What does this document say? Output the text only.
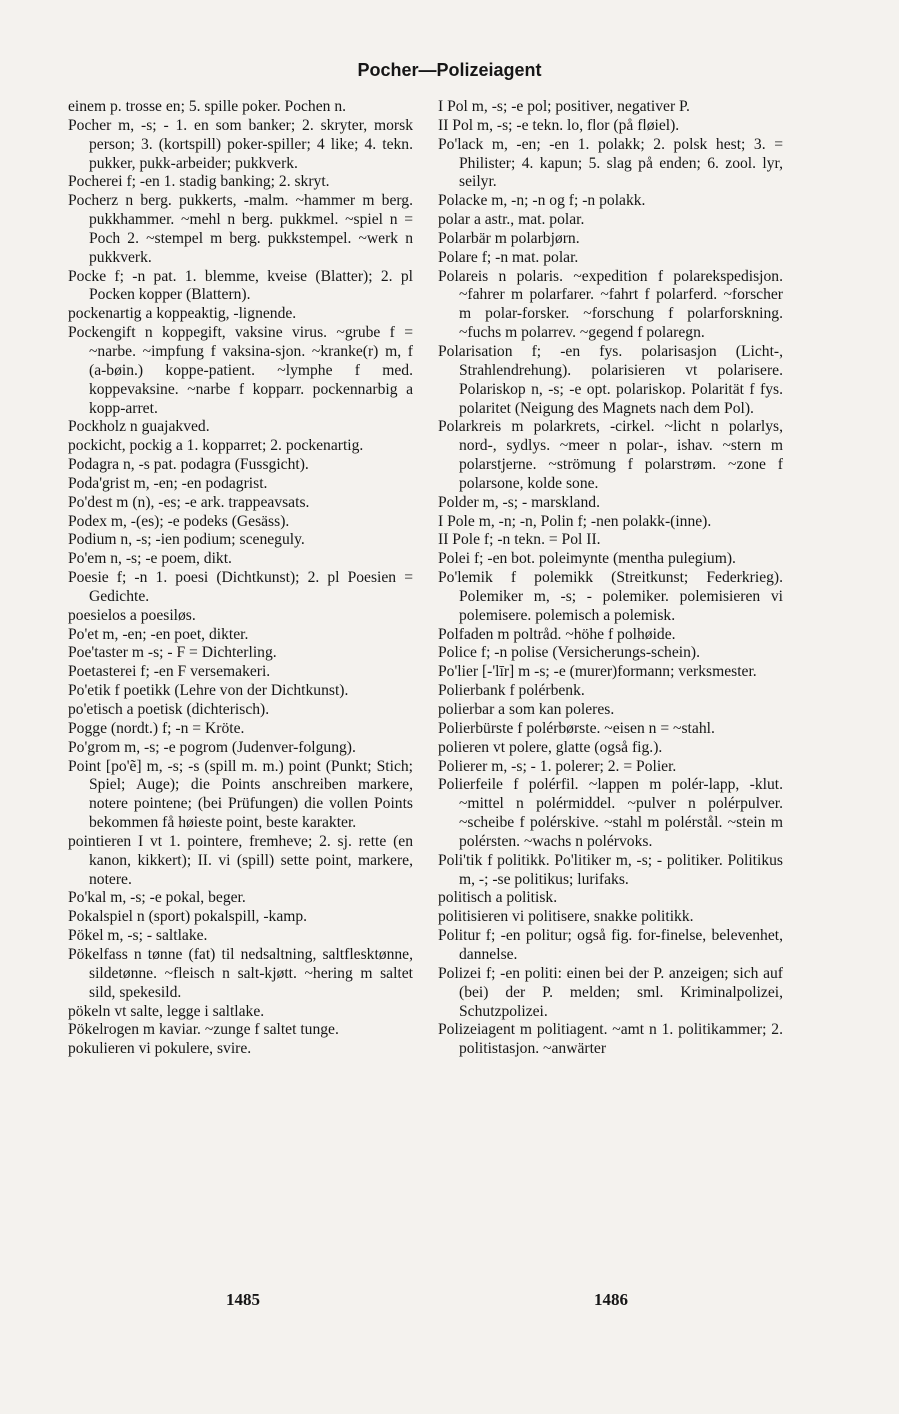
Pocher—Polizeiagent

einem p. trosse en; 5. spille poker. Pochen n.

Pocher m, -s; - 1. en som banker; 2. skryter, morsk person; 3. (kortspill) poker-spiller; 4 like; 4. tekn. pukker, pukk-arbeider; pukkverk.

Pocherei f; -en 1. stadig banking; 2. skryt.

Pocherz n berg. pukkerts, -malm. ~hammer m berg. pukkhammer. ~mehl n berg. pukkmel. ~spiel n = Poch 2. ~stempel m berg. pukkstempel. ~werk n pukkverk.

Pocke f; -n pat. 1. blemme, kveise (Blatter); 2. pl Pocken kopper (Blattern).

pockenartig a koppeaktig, -lignende.

Pockengift n koppegift, vaksine virus. ~grube f = ~narbe. ~impfung f vaksina-sjon. ~kranke(r) m, f (a-bøin.) koppe-patient. ~lymphe f med. koppevaksine. ~narbe f kopparr. pockennarbig a kopp-arret.

Pockholz n guajakved.

pockicht, pockig a 1. kopparret; 2. pockenartig.

Podagra n, -s pat. podagra (Fussgicht).

Poda'grist m, -en; -en podagrist.

Po'dest m (n), -es; -e ark. trappeavsats.

Podex m, -(es); -e podeks (Gesäss).

Podium n, -s; -ien podium; sceneguly.

Po'em n, -s; -e poem, dikt.

Poesie f; -n 1. poesi (Dichtkunst); 2. pl Poesien = Gedichte.

poesielos a poesiløs.

Po'et m, -en; -en poet, dikter.

Poe'taster m -s; - F = Dichterling.

Poetasterei f; -en F versemakeri.

Po'etik f poetikk (Lehre von der Dichtkunst).

po'etisch a poetisk (dichterisch).

Pogge (nordt.) f; -n = Kröte.

Po'grom m, -s; -e pogrom (Judenver-folgung).

Point [po'ẽ] m, -s; -s (spill m. m.) point (Punkt; Stich; Spiel; Auge); die Points anschreiben markere, notere pointene; (bei Prüfungen) die vollen Points bekommen få høieste point, beste karakter.

pointieren I vt 1. pointere, fremheve; 2. sj. rette (en kanon, kikkert); II. vi (spill) sette point, markere, notere.

Po'kal m, -s; -e pokal, beger.

Pokalspiel n (sport) pokalspill, -kamp.

Pökel m, -s; - saltlake.

Pökelfass n tønne (fat) til nedsaltning, saltflesktønne, sildetønne. ~fleisch n salt-kjøtt. ~hering m saltet sild, spekesild.

pökeln vt salte, legge i saltlake.

Pökelrogen m kaviar. ~zunge f saltet tunge.

pokulieren vi pokulere, svire.

I Pol m, -s; -e pol; positiver, negativer P.

II Pol m, -s; -e tekn. lo, flor (på fløiel).

Po'lack m, -en; -en 1. polakk; 2. polsk hest; 3. = Philister; 4. kapun; 5. slag på enden; 6. zool. lyr, seilyr.

Polacke m, -n; -n og f; -n polakk.

polar a astr., mat. polar.

Polarbär m polarbjørn.

Polare f; -n mat. polar.

Polareis n polaris. ~expedition f polarekspedisjon. ~fahrer m polarfarer. ~fahrt f polarferd. ~forscher m polar-forsker. ~forschung f polarforskning. ~fuchs m polarrev. ~gegend f polaregn.

Polarisation f; -en fys. polarisasjon (Licht-, Strahlendrehung). polarisieren vt polarisere. Polariskop n, -s; -e opt. polariskop. Polarität f fys. polaritet (Neigung des Magnets nach dem Pol).

Polarkreis m polarkrets, -cirkel. ~licht n polarlys, nord-, sydlys. ~meer n polar-, ishav. ~stern m polarstjerne. ~strömung f polarstrøm. ~zone f polarsone, kolde sone.

Polder m, -s; - marskland.

I Pole m, -n; -n, Polin f; -nen polakk-(inne).

II Pole f; -n tekn. = Pol II.

Polei f; -en bot. poleimynte (mentha pulegium).

Po'lemik f polemikk (Streitkunst; Federkrieg). Polemiker m, -s; - polemiker. polemisieren vi polemisere. polemisch a polemisk.

Polfaden m poltråd. ~höhe f polhøide.

Police f; -n polise (Versicherungs-schein).

Po'lier [-'līr] m -s; -e (murer)formann; verksmester.

Polierbank f polérbenk.

polierbar a som kan poleres.

Polierbürste f polérbørste. ~eisen n = ~stahl.

polieren vt polere, glatte (også fig.).

Polierer m, -s; - 1. polerer; 2. = Polier.

Polierfeile f polérfil. ~lappen m polér-lapp, -klut. ~mittel n polérmiddel. ~pulver n polérpulver. ~scheibe f polérskive. ~stahl m polérstål. ~stein m polérsten. ~wachs n polérvoks.

Poli'tik f politikk. Po'litiker m, -s; - politiker. Politikus m, -; -se politikus; lurifaks.

politisch a politisk.

politisieren vi politisere, snakke politikk.

Politur f; -en politur; også fig. for-finelse, belevenhet, dannelse.

Polizei f; -en politi: einen bei der P. anzeigen; sich auf (bei) der P. melden; sml. Kriminalpolizei, Schutzpolizei.

Polizeiagent m politiagent. ~amt n 1. politikammer; 2. politistasjon. ~anwärter

1485	1486
